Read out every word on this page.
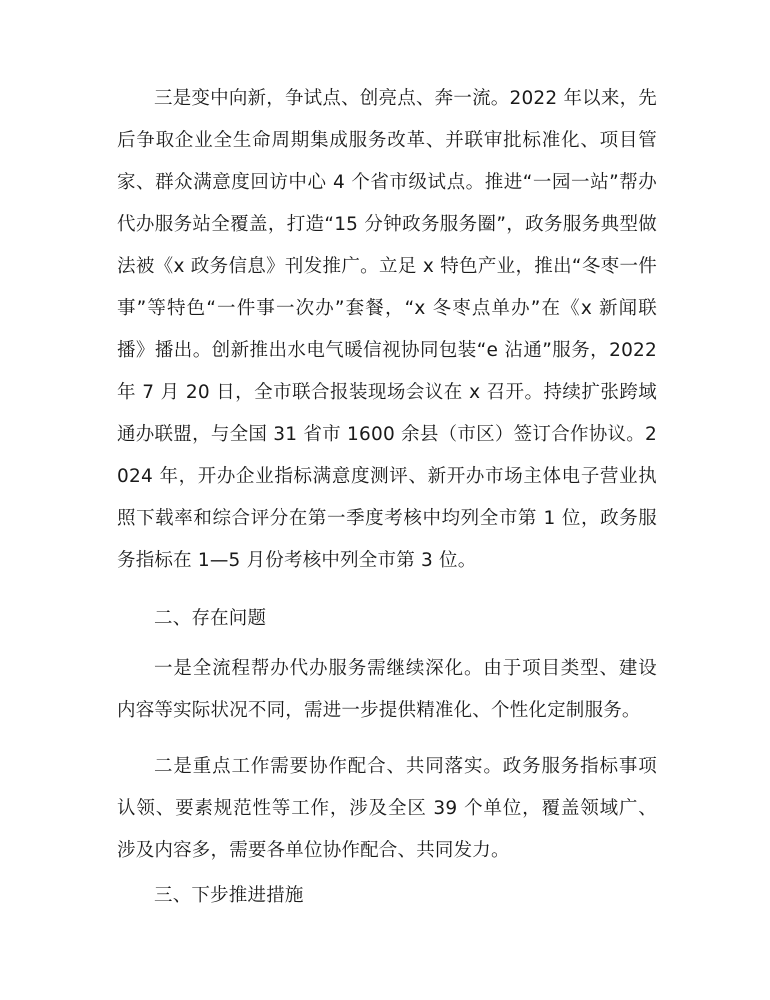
三是变中向新，争试点、创亮点、奔一流。2022 年以来，先后争取企业全生命周期集成服务改革、并联审批标准化、项目管家、群众满意度回访中心 4 个省市级试点。推进“一园一站”帮办代办服务站全覆盖，打造“15 分钟政务服务圈”，政务服务典型做法被《x 政务信息》刊发推广。立足 x 特色产业，推出“冬枣一件事”等特色“一件事一次办”套餐，“x 冬枣点单办”在《x 新闻联播》播出。创新推出水电气暖信视协同包装“e 沾通”服务，2022 年 7 月 20 日，全市联合报装现场会议在 x 召开。持续扩张跨域通办联盟，与全国 31 省市 1600 余县（市区）签订合作协议。2024 年，开办企业指标满意度测评、新开办市场主体电子营业执照下载率和综合评分在第一季度考核中均列全市第 1 位，政务服务指标在 1—5 月份考核中列全市第 3 位。

二、存在问题

一是全流程帮办代办服务需继续深化。由于项目类型、建设内容等实际状况不同，需进一步提供精准化、个性化定制服务。

二是重点工作需要协作配合、共同落实。政务服务指标事项认领、要素规范性等工作，涉及全区 39 个单位，覆盖领域广、涉及内容多，需要各单位协作配合、共同发力。

三、下步推进措施
